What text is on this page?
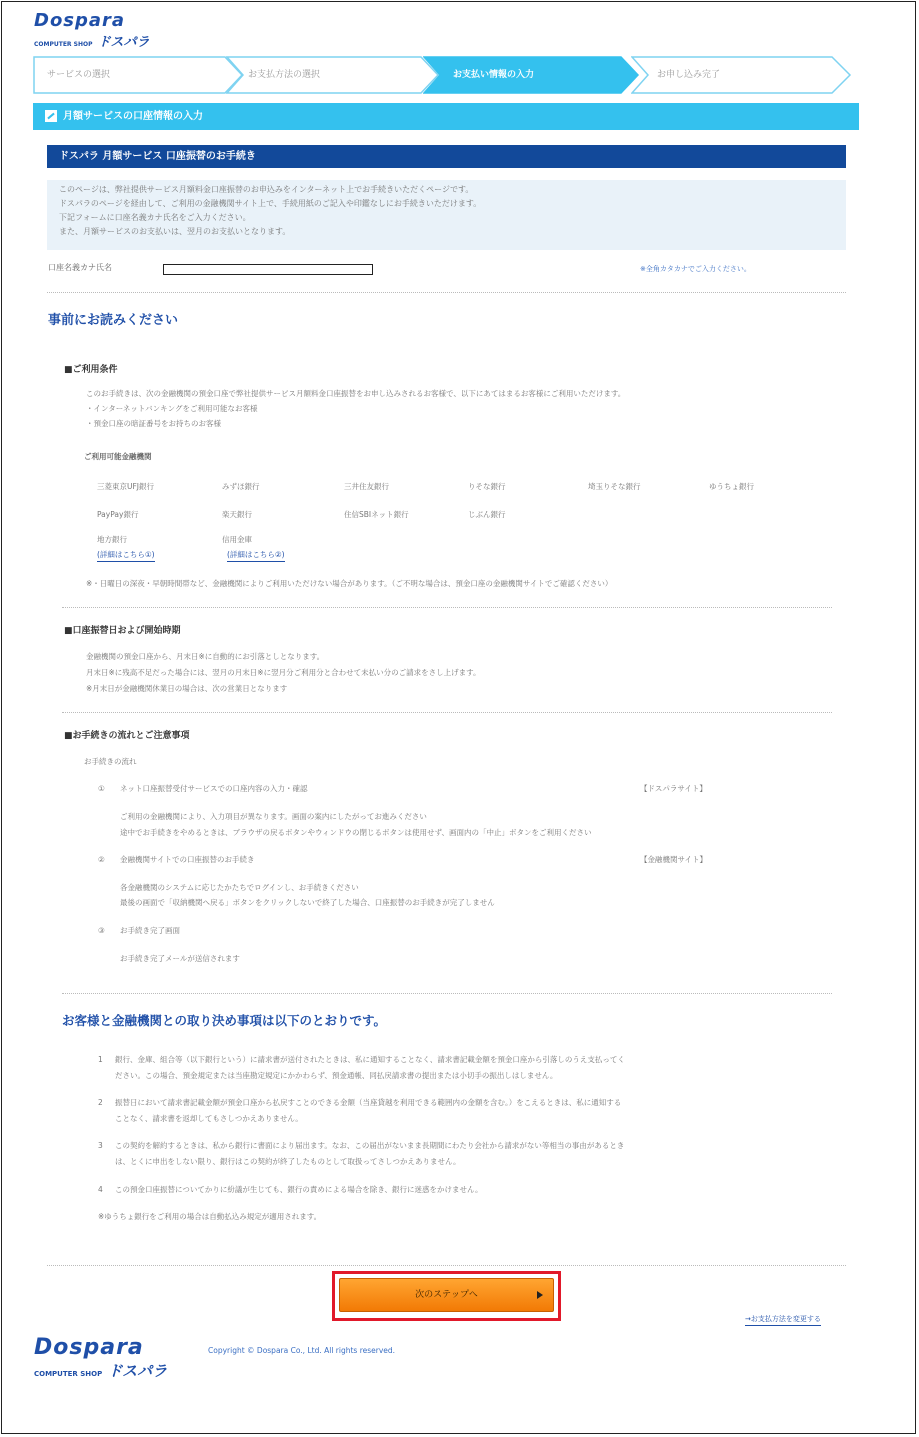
Dospara
COMPUTER SHOP ドスパラ
サービスの選択	お支払方法の選択	お支払い情報の入力	お申し込み完了
月額サービスの口座情報の入力
ドスパラ 月額サービス 口座振替のお手続き
このページは、弊社提供サービス月額料金口座振替のお申込みをインターネット上でお手続きいただくページです。
ドスパラのページを経由して、ご利用の金融機関サイト上で、手続用紙のご記入や印鑑なしにお手続きいただけます。
下記フォームに口座名義カナ氏名をご入力ください。
また、月額サービスのお支払いは、翌月のお支払いとなります。
口座名義カナ氏名	※全角カタカナでご入力ください。
事前にお読みください
■ご利用条件
このお手続きは、次の金融機関の預金口座で弊社提供サービス月額料金口座振替をお申し込みされるお客様で、以下にあてはまるお客様にご利用いただけます。
・インターネットバンキングをご利用可能なお客様
・預金口座の暗証番号をお持ちのお客様
ご利用可能金融機関
三菱東京UFJ銀行	みずほ銀行	三井住友銀行	りそな銀行	埼玉りそな銀行	ゆうちょ銀行
PayPay銀行	楽天銀行	住信SBIネット銀行	じぶん銀行
地方銀行	信用金庫
(詳細はこちら①)	(詳細はこちら②)
※・日曜日の深夜・早朝時間帯など、金融機関によりご利用いただけない場合があります。（ご不明な場合は、預金口座の金融機関サイトでご確認ください）
■口座振替日および開始時期
金融機関の預金口座から、月末日※に自動的にお引落としとなります。
月末日※に残高不足だった場合には、翌月の月末日※に翌月分ご利用分と合わせて未払い分のご請求をさし上げます。
※月末日が金融機関休業日の場合は、次の営業日となります
■お手続きの流れとご注意事項
お手続きの流れ
① ネット口座振替受付サービスでの口座内容の入力・確認	【ドスパラサイト】
ご利用の金融機関により、入力項目が異なります。画面の案内にしたがってお進みください
途中でお手続きをやめるときは、ブラウザの戻るボタンやウィンドウの閉じるボタンは使用せず、画面内の「中止」ボタンをご利用ください
② 金融機関サイトでの口座振替のお手続き	【金融機関サイト】
各金融機関のシステムに応じたかたちでログインし、お手続きください
最後の画面で「収納機関へ戻る」ボタンをクリックしないで終了した場合、口座振替のお手続きが完了しません
③ お手続き完了画面
お手続き完了メールが送信されます
お客様と金融機関との取り決め事項は以下のとおりです。
1 銀行、金庫、組合等（以下銀行という）に請求書が送付されたときは、私に通知することなく、請求書記載金額を預金口座から引落しのうえ支払ってく
ださい。この場合、預金規定または当座勘定規定にかかわらず、預金通帳、同払戻請求書の提出または小切手の振出しはしません。
2 振替日において請求書記載金額が預金口座から払戻すことのできる金額（当座貸越を利用できる範囲内の金額を含む。）をこえるときは、私に通知する
ことなく、請求書を返却してもさしつかえありません。
3 この契約を解約するときは、私から銀行に書面により届出ます。なお、この届出がないまま長期間にわたり会社から請求がない等相当の事由があるとき
は、とくに申出をしない限り、銀行はこの契約が終了したものとして取扱ってさしつかえありません。
4 この預金口座振替についてかりに紛議が生じても、銀行の責めによる場合を除き、銀行に迷惑をかけません。
※ゆうちょ銀行をご利用の場合は自動払込み規定が適用されます。
次のステップへ
→お支払方法を変更する
Dospara
COMPUTER SHOP ドスパラ
Copyright © Dospara Co., Ltd. All rights reserved.
